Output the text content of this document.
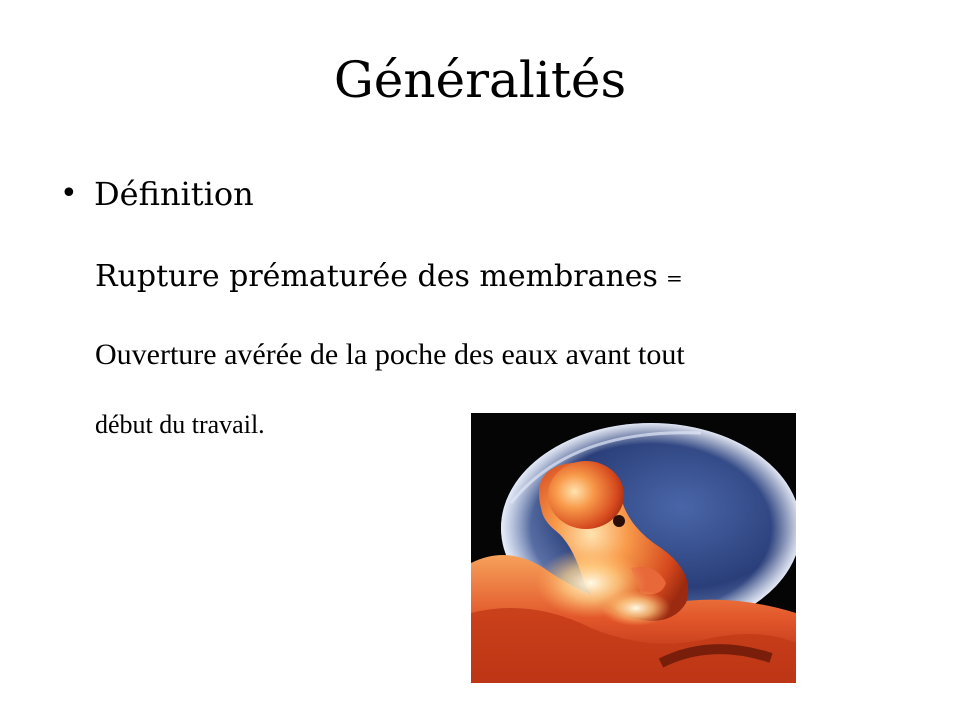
Généralités
• Définition
Rupture prématurée des membranes =
Ouverture avérée de la poche des eaux avant tout
début du travail.
